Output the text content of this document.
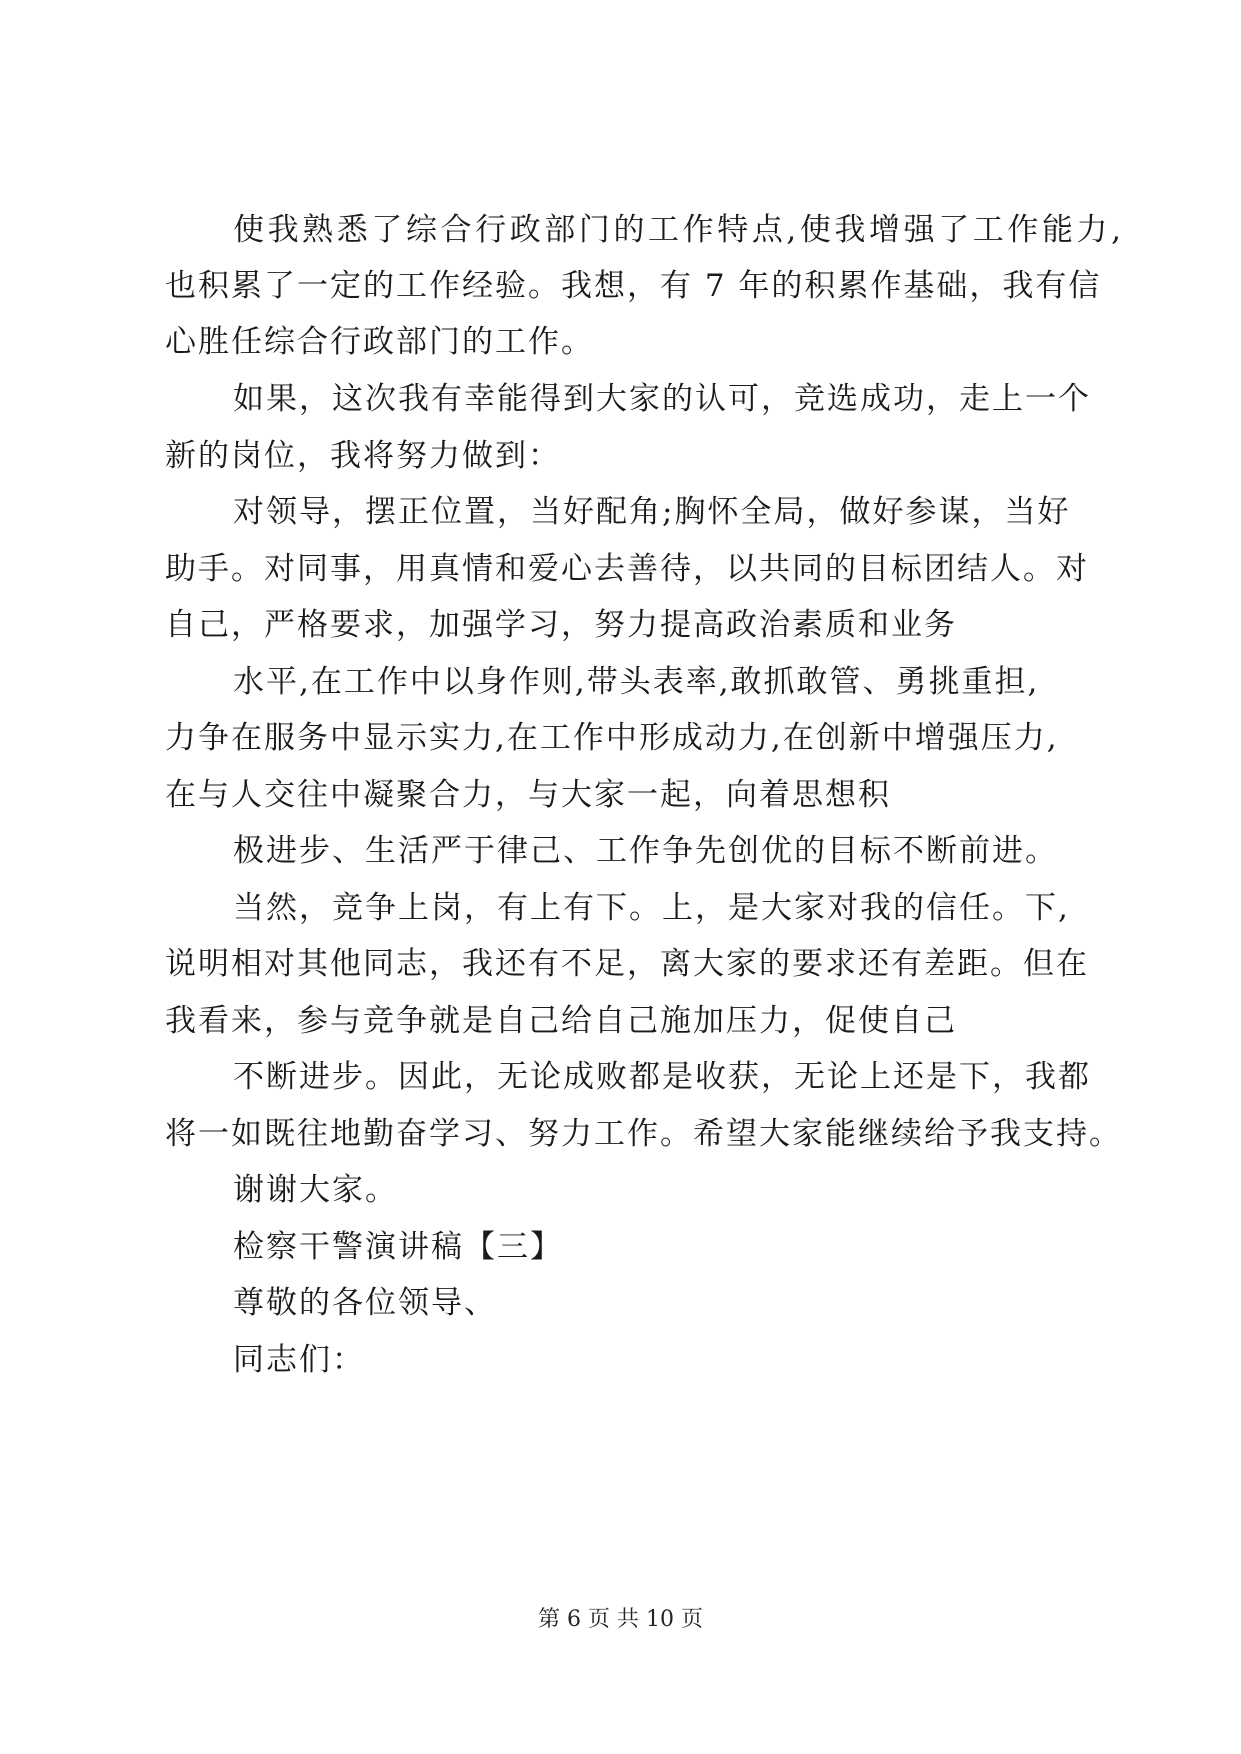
使我熟悉了综合行政部门的工作特点,使我增强了工作能力,
也积累了一定的工作经验。我想，有 7 年的积累作基础，我有信
心胜任综合行政部门的工作。
如果，这次我有幸能得到大家的认可，竞选成功，走上一个
新的岗位，我将努力做到：
对领导，摆正位置，当好配角;胸怀全局，做好参谋，当好
助手。对同事，用真情和爱心去善待，以共同的目标团结人。对
自己，严格要求，加强学习，努力提高政治素质和业务
水平,在工作中以身作则,带头表率,敢抓敢管、勇挑重担,
力争在服务中显示实力,在工作中形成动力,在创新中增强压力,
在与人交往中凝聚合力，与大家一起，向着思想积
极进步、生活严于律己、工作争先创优的目标不断前进。
当然，竞争上岗，有上有下。上，是大家对我的信任。下,
说明相对其他同志，我还有不足，离大家的要求还有差距。但在
我看来，参与竞争就是自己给自己施加压力，促使自己
不断进步。因此，无论成败都是收获，无论上还是下，我都
将一如既往地勤奋学习、努力工作。希望大家能继续给予我支持。
谢谢大家。
检察干警演讲稿【三】
尊敬的各位领导、
同志们：
第 6 页 共 10 页
